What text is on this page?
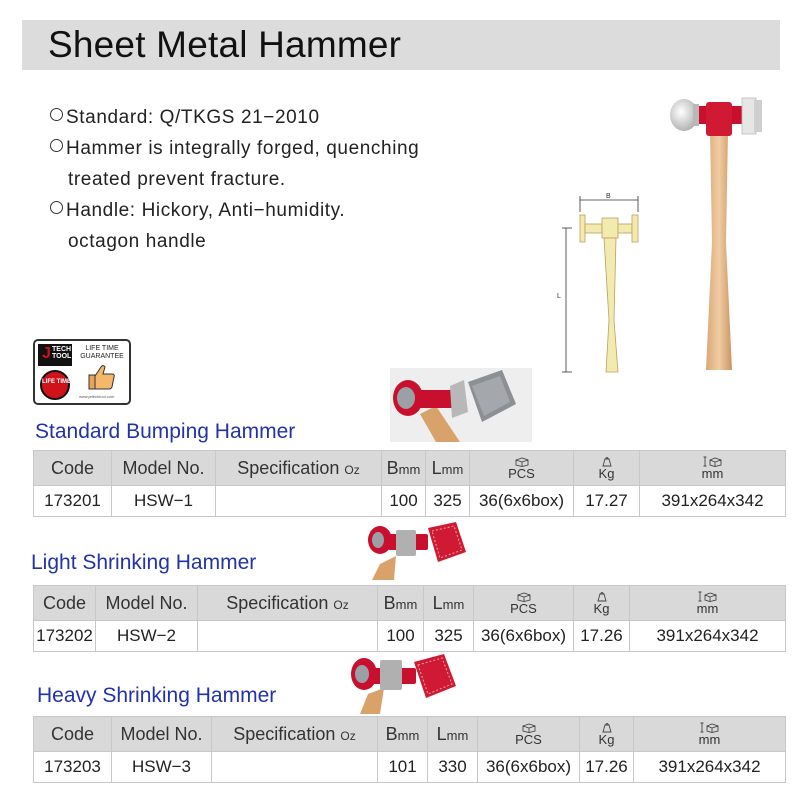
Sheet Metal Hammer
Standard: Q/TKGS 21−2010
Hammer is integrally forged, quenching
treated prevent fracture.
Handle: Hickory, Anti−humidity.
octagon handle
B
L
J TECH TOOL
LIFE TIME
LIFE TIME GUARANTEE
www.jetechtool.com
Standard Bumping Hammer
Code	Model No.	Specification Oz	Bmm	Lmm	PCS	Kg	mm

173201	HSW−1		100	325	36(6x6box)	17.27	391x264x342
Light Shrinking Hammer
Code	Model No.	Specification Oz	Bmm	Lmm	PCS	Kg	mm

173202	HSW−2		100	325	36(6x6box)	17.26	391x264x342
Heavy Shrinking Hammer
Code	Model No.	Specification Oz	Bmm	Lmm	PCS	Kg	mm

173203	HSW−3		101	330	36(6x6box)	17.26	391x264x342
